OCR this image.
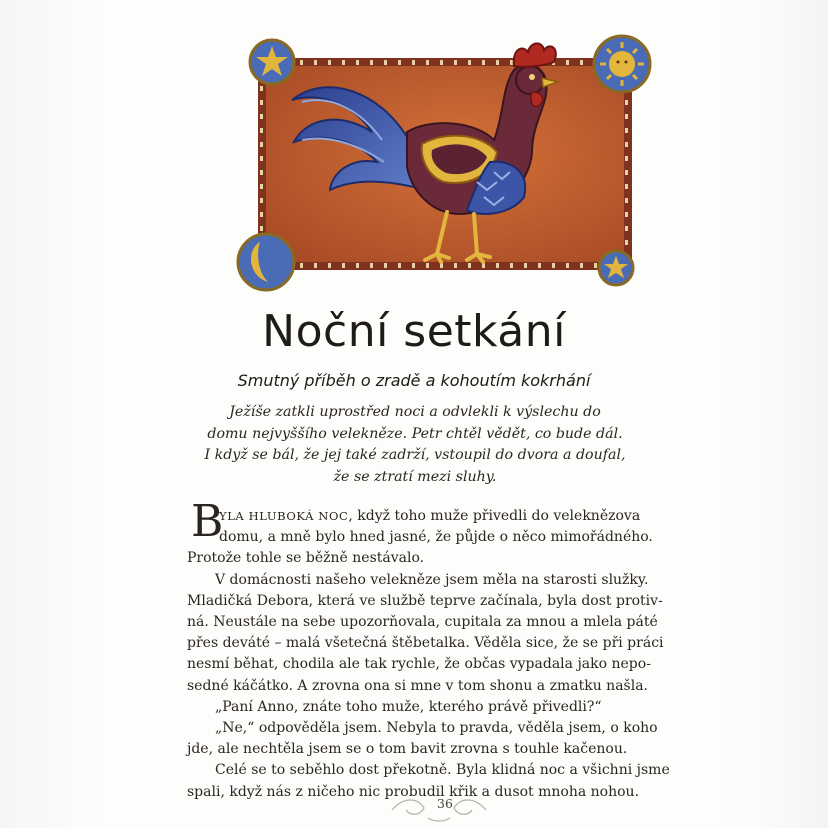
Noční setkání
Smutný příběh o zradě a kohoutím kokrhání
Ježíše zatkli uprostřed noci a odvlekli k výslechu do
domu nejvyššího velekněze. Petr chtěl vědět, co bude dál.
I když se bál, že jej také zadrží, vstoupil do dvora a doufal,
že se ztratí mezi sluhy.
B
YLA HLUBOKÁ NOC, když toho muže přivedli do veleknězova
domu, a mně bylo hned jasné, že půjde o něco mimořádného.
Protože tohle se běžně nestávalo.
V domácnosti našeho velekněze jsem měla na starosti služky.
Mladičká Debora, která ve službě teprve začínala, byla dost protiv-
ná. Neustále na sebe upozorňovala, cupitala za mnou a mlela páté
přes deváté – malá všetečná štěbetalka. Věděla sice, že se při práci
nesmí běhat, chodila ale tak rychle, že občas vypadala jako nepo-
sedné káčátko. A zrovna ona si mne v tom shonu a zmatku našla.
„Paní Anno, znáte toho muže, kterého právě přivedli?“
„Ne,“ odpověděla jsem. Nebyla to pravda, věděla jsem, o koho
jde, ale nechtěla jsem se o tom bavit zrovna s touhle kačenou.
Celé se to seběhlo dost překotně. Byla klidná noc a všichni jsme
spali, když nás z ničeho nic probudil křik a dusot mnoha nohou.
36
